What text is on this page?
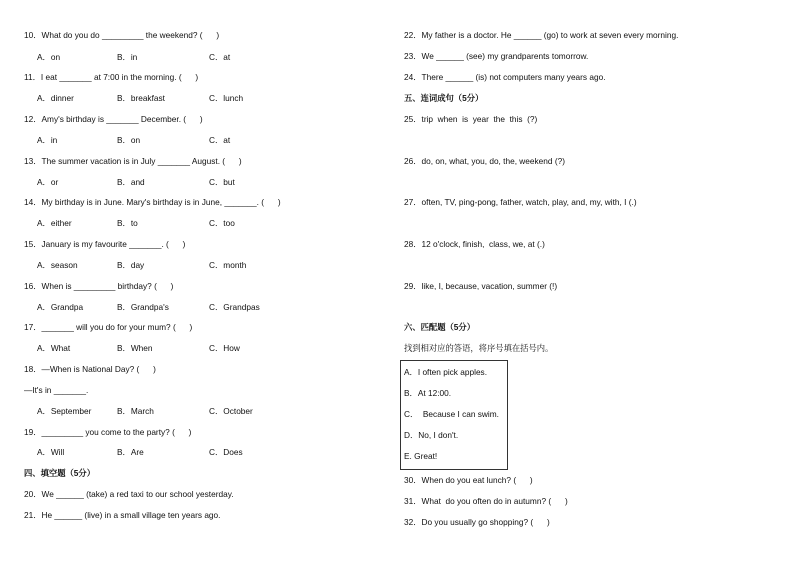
10．What do you do _________ the weekend? (      )
A．on	B．in	C．at
11．I eat _______ at 7:00 in the morning. (      )
A．dinner	B．breakfast	C．lunch
12．Amy's birthday is _______ December. (      )
A．in	B．on	C．at
13．The summer vacation is in July _______ August. (      )
A．or	B．and	C．but
14．My birthday is in June. Mary's birthday is in June, _______. (      )
A．either	B．to	C．too
15．January is my favourite _______. (      )
A．season	B．day	C．month
16．When is _________ birthday? (      )
A．Grandpa	B．Grandpa's	C．Grandpas
17．_______ will you do for your mum? (      )
A．What	B．When	C．How
18．—When is National Day? (      )
—It's in _______.
A．September	B．March	C．October
19．_________ you come to the party? (      )
A．Will	B．Are	C．Does
四、填空题（5分）
20．We ______ (take) a red taxi to our school yesterday.
21．He ______ (live) in a small village ten years ago.
22．My father is a doctor. He ______ (go) to work at seven every morning.
23．We ______ (see) my grandparents tomorrow.
24．There ______ (is) not computers many years ago.
五、连词成句（5分）
25．trip  when  is  year  the  this  (?)
26．do, on, what, you, do, the, weekend (?)
27．often, TV, ping-pong, father, watch, play, and, my, with, I (.)
28．12 o'clock, finish,  class, we, at (.)
29．like, I, because, vacation, summer (!)
六、匹配题（5分）
找到相对应的答语，将序号填在括号内。
A．I often pick apples.
B．At 12:00.
C．  Because I can swim.
D．No, I don't.
E. Great!
30．When do you eat lunch? (      )
31．What  do you often do in autumn? (      )
32．Do you usually go shopping? (      )
